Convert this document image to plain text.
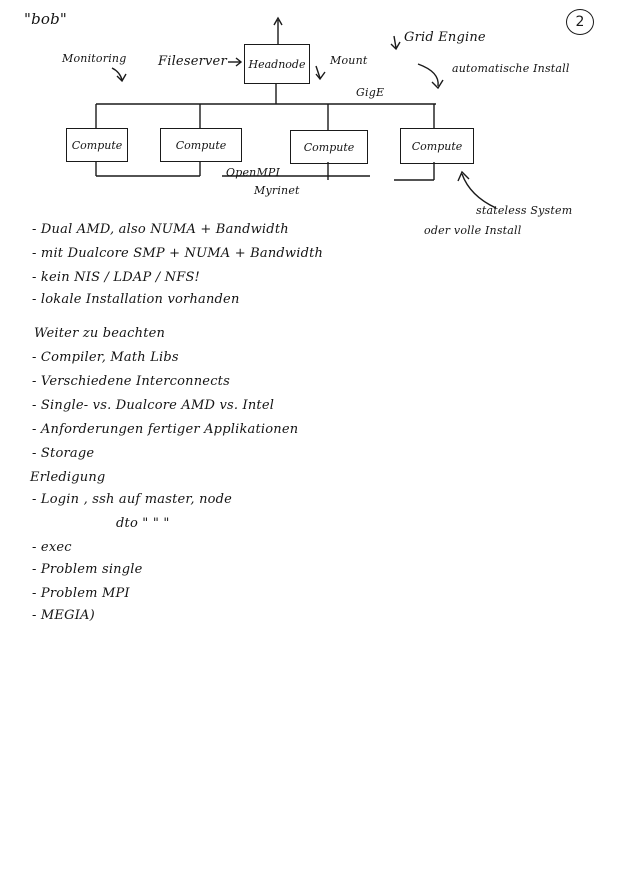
"bob"	2
Headnode
Compute	Compute	Compute	Compute
Monitoring Fileserver	Mount
Grid Engine
automatische Install
GigE
OpenMPI
Myrinet
stateless System
oder volle Install
- Dual AMD, also NUMA + Bandwidth
- mit Dualcore SMP + NUMA + Bandwidth
- kein NIS / LDAP / NFS!
- lokale Installation vorhanden
Weiter zu beachten
- Compiler, Math Libs
- Verschiedene Interconnects
- Single- vs. Dualcore AMD vs. Intel
- Anforderungen fertiger Applikationen
- Storage
Erledigung
- Login , ssh auf master, node
dto " " "
- exec
- Problem single
- Problem MPI
- MEGIA)
